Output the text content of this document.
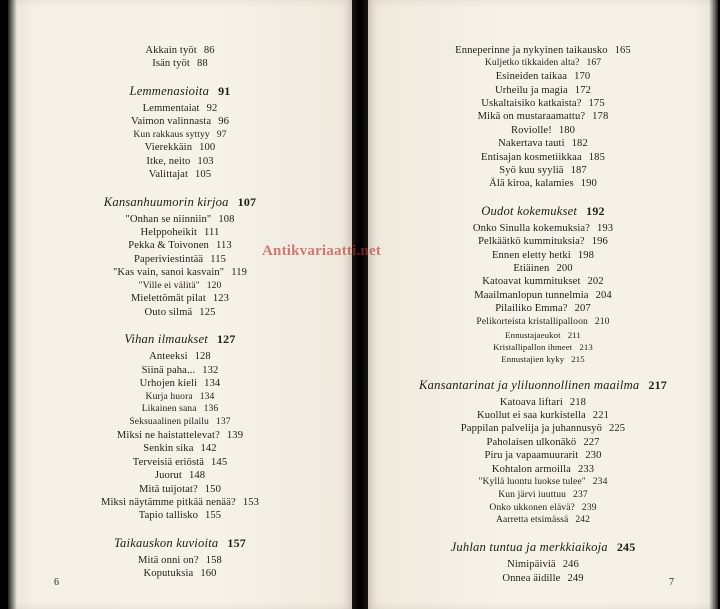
Akkain työt 86
Isän työt 88
Lemmenasioita 91
Lemmentaiat 92
Vaimon valinnasta 96
Kun rakkaus syttyy 97
Vierekkäin 100
Itke, neito 103
Valittajat 105
Kansanhuumorin kirjoa 107
"Onhan se niinniin" 108
Helppoheikit 111
Pekka & Toivonen 113
Paperiviestintää 115
"Kas vain, sanoi kasvain" 119
"Ville ei välitä" 120
Mielettömät pilat 123
Outo silmä 125
Vihan ilmaukset 127
Anteeksi 128
Siinä paha... 132
Urhojen kieli 134
Kurja huora 134
Likainen sana 136
Seksuaalinen pilailu 137
Miksi ne haistattelevat? 139
Senkin sika 142
Terveisiä eriöstä 145
Juorut 148
Mitä tuijotat? 150
Miksi näytämme pitkää nenää? 153
Tapio tallisko 155
Taikauskon kuvioita 157
Mitä onni on? 158
Koputuksia 160
6
Enneperinne ja nykyinen taikausko 165
Kuljetko tikkaiden alta? 167
Esineiden taikaa 170
Urheilu ja magia 172
Uskaltaisiko katkaista? 175
Mikä on mustaraamattu? 178
Roviolle! 180
Nakertava tauti 182
Entisajan kosmetiikkaa 185
Syö kuu syyliä 187
Älä kiroa, kalamies 190
Oudot kokemukset 192
Onko Sinulla kokemuksia? 193
Pelkäätkö kummituksia? 196
Ennen eletty hetki 198
Etiäinen 200
Katoavat kummitukset 202
Maailmanlopun tunnelmia 204
Pilailiko Emma? 207
Pelikorteista kristallipalloon 210
Ennustajaeukot 211
Kristallipallon ihmeet 213
Ennustajien kyky 215
Kansantarinat ja yliluonnollinen maailma 217
Katoava liftari 218
Kuollut ei saa kurkistella 221
Pappilan palvelija ja juhannusyö 225
Paholaisen ulkonäkö 227
Piru ja vapaamuurarit 230
Kohtalon armoilla 233
"Kyllä luontu luokse tulee" 234
Kun järvi iuuttuu 237
Onko ukkonen elävä? 239
Aarretta etsimässä 242
Juhlan tuntua ja merkkiaikoja 245
Nimipäiviä 246
Onnea äidille 249	7
Antikvariaatti.net
